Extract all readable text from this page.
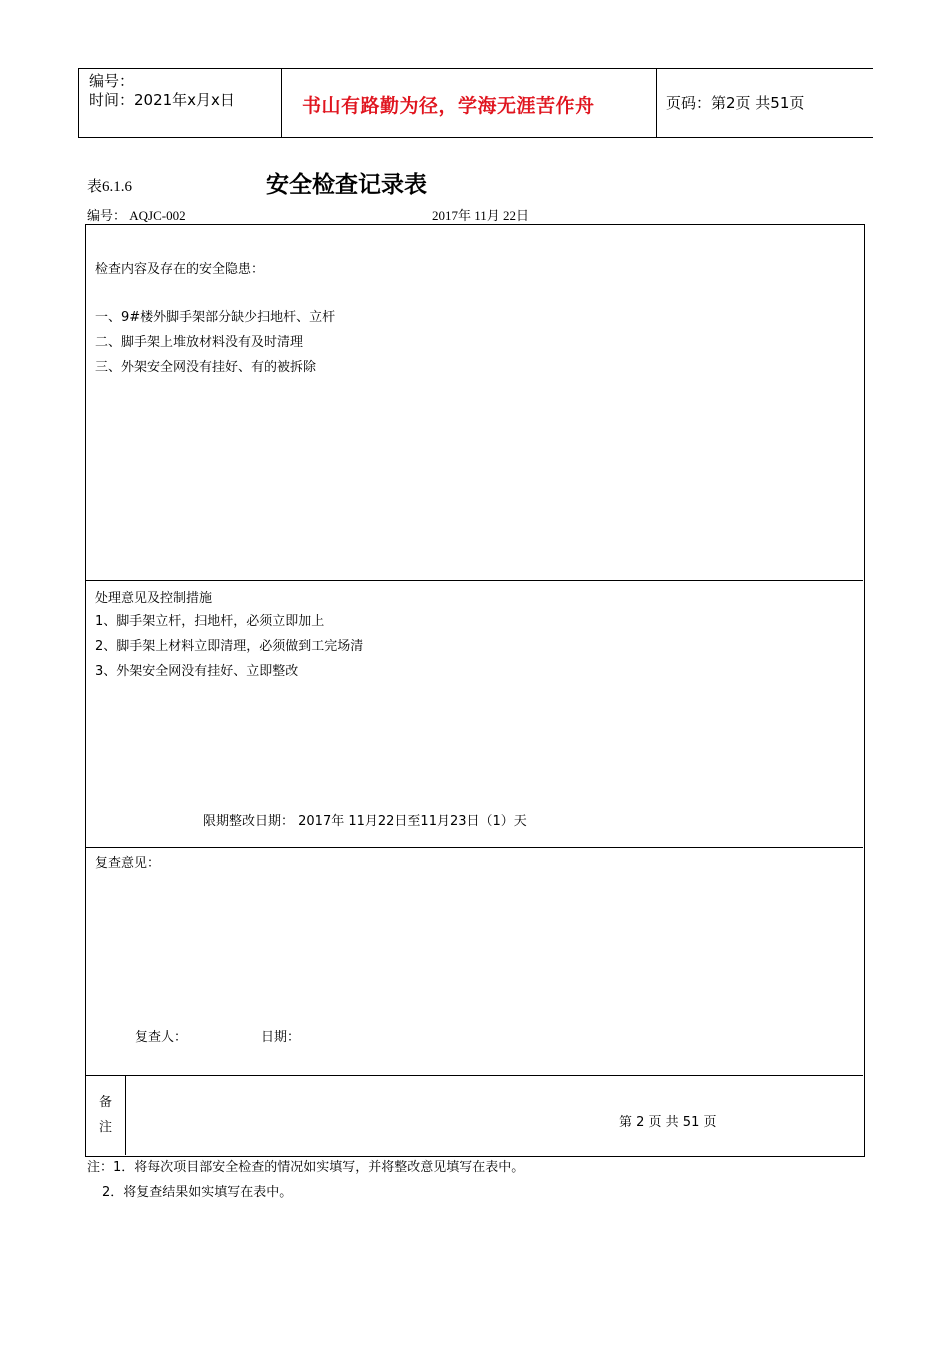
编号：
时间：2021年x月x日	书山有路勤为径，学海无涯苦作舟	页码：第2页 共51页
表6.1.6	安全检查记录表
编号： AQJC-002	2017年 11月 22日
检查内容及存在的安全隐患：
一、9#楼外脚手架部分缺少扫地杆、立杆
二、脚手架上堆放材料没有及时清理
三、外架安全网没有挂好、有的被拆除
处理意见及控制措施
1、脚手架立杆，扫地杆，必须立即加上
2、脚手架上材料立即清理，必须做到工完场清
3、外架安全网没有挂好、立即整改
限期整改日期： 2017年 11月22日至11月23日（1）天
复查意见：
复查人：	日期：
备
注	第 2 页 共 51 页
注：1．将每次项目部安全检查的情况如实填写，并将整改意见填写在表中。
2．将复查结果如实填写在表中。
